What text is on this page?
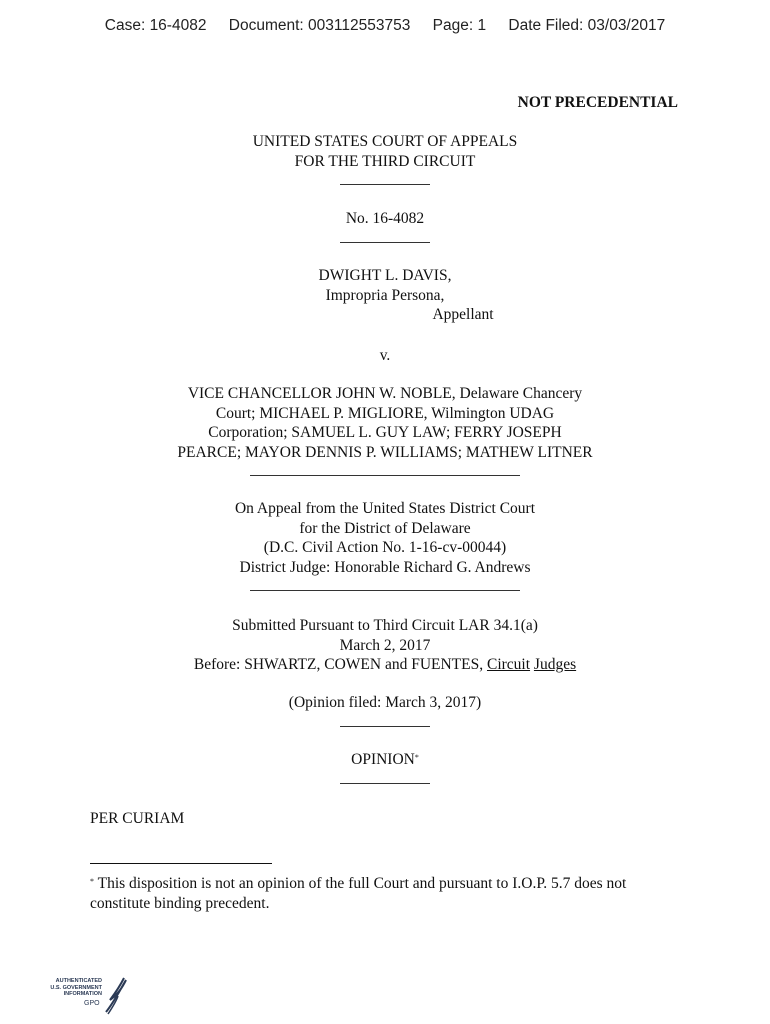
Case: 16-4082 Document: 003112553753 Page: 1 Date Filed: 03/03/2017
NOT PRECEDENTIAL
UNITED STATES COURT OF APPEALS
FOR THE THIRD CIRCUIT
No. 16-4082
DWIGHT L. DAVIS,
Impropria Persona,
Appellant
v.
VICE CHANCELLOR JOHN W. NOBLE, Delaware Chancery
Court; MICHAEL P. MIGLIORE, Wilmington UDAG
Corporation; SAMUEL L. GUY LAW; FERRY JOSEPH
PEARCE; MAYOR DENNIS P. WILLIAMS; MATHEW LITNER
On Appeal from the United States District Court
for the District of Delaware
(D.C. Civil Action No. 1-16-cv-00044)
District Judge: Honorable Richard G. Andrews
Submitted Pursuant to Third Circuit LAR 34.1(a)
March 2, 2017
Before: SHWARTZ, COWEN and FUENTES, Circuit Judges
(Opinion filed: March 3, 2017)
OPINION*
PER CURIAM
* This disposition is not an opinion of the full Court and pursuant to I.O.P. 5.7 does not constitute binding precedent.
AUTHENTICATED
U.S. GOVERNMENT
INFORMATION
GPO
